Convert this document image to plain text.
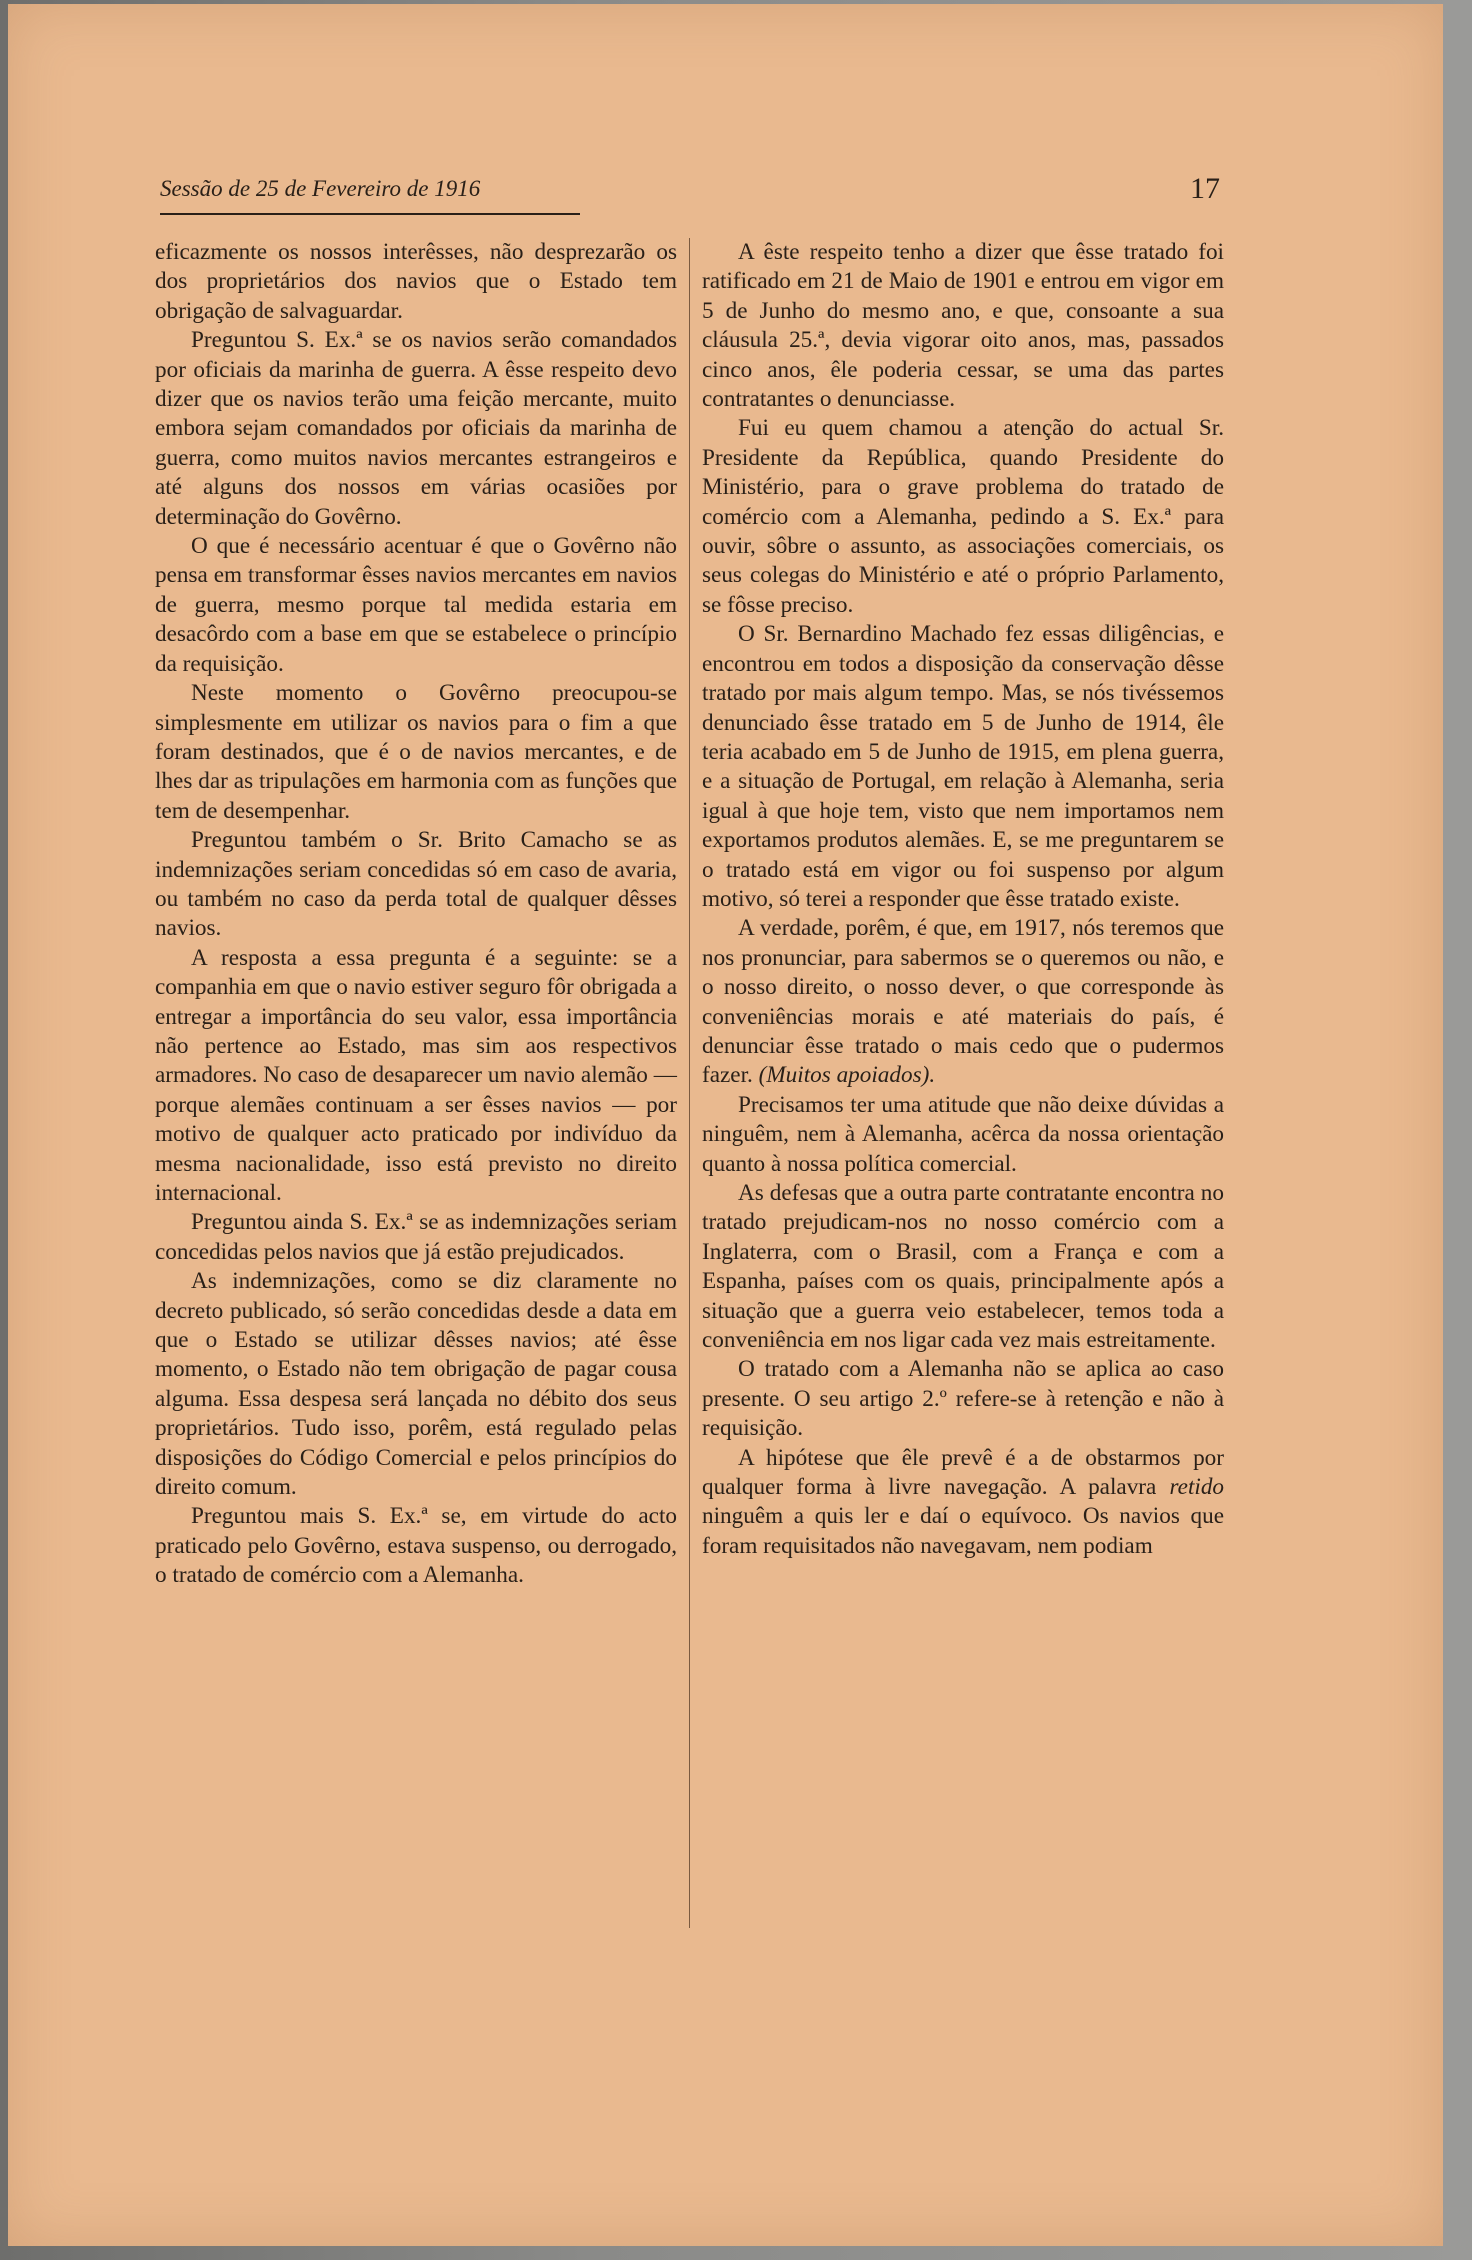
Sessão de 25 de Fevereiro de 1916	17

eficazmente os nossos interêsses, não desprezarão os dos proprietários dos navios que o Estado tem obrigação de salvaguardar.

Preguntou S. Ex.ª se os navios serão comandados por oficiais da marinha de guerra. A êsse respeito devo dizer que os navios terão uma feição mercante, muito embora sejam comandados por oficiais da marinha de guerra, como muitos navios mercantes estrangeiros e até alguns dos nossos em várias ocasiões por determinação do Govêrno.

O que é necessário acentuar é que o Govêrno não pensa em transformar êsses navios mercantes em navios de guerra, mesmo porque tal medida estaria em desacôrdo com a base em que se estabelece o princípio da requisição.

Neste momento o Govêrno preocupou-se simplesmente em utilizar os navios para o fim a que foram destinados, que é o de navios mercantes, e de lhes dar as tripulações em harmonia com as funções que tem de desempenhar.

Preguntou também o Sr. Brito Camacho se as indemnizações seriam concedidas só em caso de avaria, ou também no caso da perda total de qualquer dêsses navios.

A resposta a essa pregunta é a seguinte: se a companhia em que o navio estiver seguro fôr obrigada a entregar a importância do seu valor, essa importância não pertence ao Estado, mas sim aos respectivos armadores. No caso de desaparecer um navio alemão — porque alemães continuam a ser êsses navios — por motivo de qualquer acto praticado por indivíduo da mesma nacionalidade, isso está previsto no direito internacional.

Preguntou ainda S. Ex.ª se as indemnizações seriam concedidas pelos navios que já estão prejudicados.

As indemnizações, como se diz claramente no decreto publicado, só serão concedidas desde a data em que o Estado se utilizar dêsses navios; até êsse momento, o Estado não tem obrigação de pagar cousa alguma. Essa despesa será lançada no débito dos seus proprietários. Tudo isso, porêm, está regulado pelas disposições do Código Comercial e pelos princípios do direito comum.

Preguntou mais S. Ex.ª se, em virtude do acto praticado pelo Govêrno, estava suspenso, ou derrogado, o tratado de comércio com a Alemanha.

A êste respeito tenho a dizer que êsse tratado foi ratificado em 21 de Maio de 1901 e entrou em vigor em 5 de Junho do mesmo ano, e que, consoante a sua cláusula 25.ª, devia vigorar oito anos, mas, passados cinco anos, êle poderia cessar, se uma das partes contratantes o denunciasse.

Fui eu quem chamou a atenção do actual Sr. Presidente da República, quando Presidente do Ministério, para o grave problema do tratado de comércio com a Alemanha, pedindo a S. Ex.ª para ouvir, sôbre o assunto, as associações comerciais, os seus colegas do Ministério e até o próprio Parlamento, se fôsse preciso.

O Sr. Bernardino Machado fez essas diligências, e encontrou em todos a disposição da conservação dêsse tratado por mais algum tempo. Mas, se nós tivéssemos denunciado êsse tratado em 5 de Junho de 1914, êle teria acabado em 5 de Junho de 1915, em plena guerra, e a situação de Portugal, em relação à Alemanha, seria igual à que hoje tem, visto que nem importamos nem exportamos produtos alemães. E, se me preguntarem se o tratado está em vigor ou foi suspenso por algum motivo, só terei a responder que êsse tratado existe.

A verdade, porêm, é que, em 1917, nós teremos que nos pronunciar, para sabermos se o queremos ou não, e o nosso direito, o nosso dever, o que corresponde às conveniências morais e até materiais do país, é denunciar êsse tratado o mais cedo que o pudermos fazer. (Muitos apoiados).

Precisamos ter uma atitude que não deixe dúvidas a ninguêm, nem à Alemanha, acêrca da nossa orientação quanto à nossa política comercial.

As defesas que a outra parte contratante encontra no tratado prejudicam-nos no nosso comércio com a Inglaterra, com o Brasil, com a França e com a Espanha, países com os quais, principalmente após a situação que a guerra veio estabelecer, temos toda a conveniência em nos ligar cada vez mais estreitamente.

O tratado com a Alemanha não se aplica ao caso presente. O seu artigo 2.º refere-se à retenção e não à requisição.

A hipótese que êle prevê é a de obstarmos por qualquer forma à livre navegação. A palavra retido ninguêm a quis ler e daí o equívoco. Os navios que foram requisitados não navegavam, nem podiam
